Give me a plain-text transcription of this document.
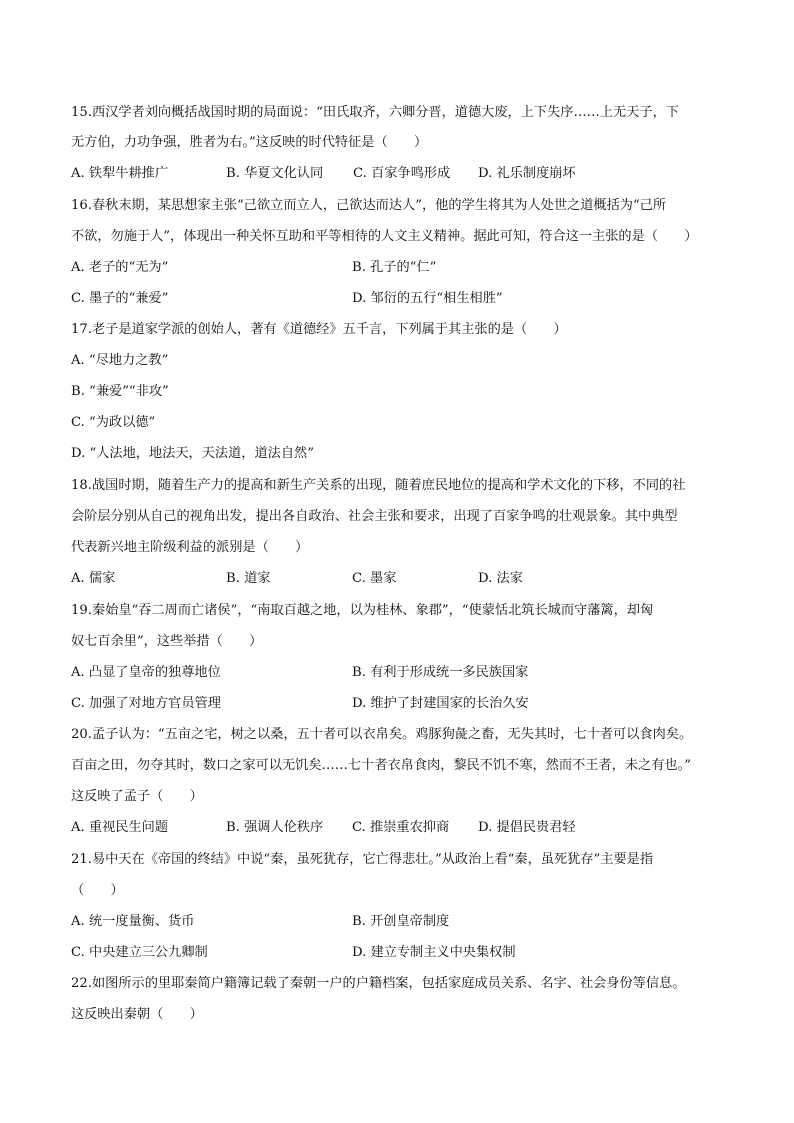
15.西汉学者刘向概括战国时期的局面说：“田氏取齐，六卿分晋，道德大废，上下失序……上无天子，下
无方伯，力功争强，胜者为右。”这反映的时代特征是（　　）
A. 铁犁牛耕推广	B. 华夏文化认同 C. 百家争鸣形成 D. 礼乐制度崩坏
16.春秋末期，某思想家主张“己欲立而立人，己欲达而达人”，他的学生将其为人处世之道概括为“己所
不欲，勿施于人”，体现出一种关怀互助和平等相待的人文主义精神。据此可知，符合这一主张的是（　　）
A. 老子的“无为”	B. 孔子的“仁”
C. 墨子的“兼爱”	D. 邹衍的五行“相生相胜”
17.老子是道家学派的创始人，著有《道德经》五千言，下列属于其主张的是（　　）
A. “尽地力之教”
B. “兼爱”“非攻”
C. “为政以德”
D. “人法地，地法天，天法道，道法自然”
18.战国时期，随着生产力的提高和新生产关系的出现，随着庶民地位的提高和学术文化的下移，不同的社
会阶层分别从自己的视角出发，提出各自政治、社会主张和要求，出现了百家争鸣的壮观景象。其中典型
代表新兴地主阶级利益的派别是（　　）
A. 儒家	B. 道家	C. 墨家	D. 法家
19.秦始皇“吞二周而亡诸侯”，“南取百越之地，以为桂林、象郡”，“使蒙恬北筑长城而守藩篱，却匈
奴七百余里”，这些举措（　　）
A. 凸显了皇帝的独尊地位	B. 有利于形成统一多民族国家
C. 加强了对地方官员管理	D. 维护了封建国家的长治久安
20.孟子认为：“五亩之宅，树之以桑，五十者可以衣帛矣。鸡豚狗彘之畜，无失其时，七十者可以食肉矣。
百亩之田，勿夺其时，数口之家可以无饥矣……七十者衣帛食肉，黎民不饥不寒，然而不王者，未之有也。”
这反映了孟子（　　）
A. 重视民生问题	B. 强调人伦秩序 C. 推崇重农抑商 D. 提倡民贵君轻
21.易中天在《帝国的终结》中说“秦，虽死犹存，它亡得悲壮。”从政治上看“秦，虽死犹存”主要是指
（　　）
A. 统一度量衡、货币	B. 开创皇帝制度
C. 中央建立三公九卿制	D. 建立专制主义中央集权制
22.如图所示的里耶秦简户籍簿记载了秦朝一户的户籍档案，包括家庭成员关系、名字、社会身份等信息。
这反映出秦朝（　　）
